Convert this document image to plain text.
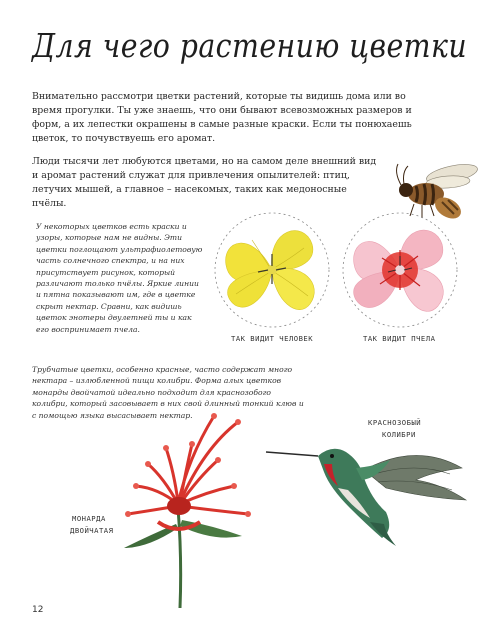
Для чего растению цветки
Внимательно рассмотри цветки растений, которые ты видишь дома или во время прогулки. Ты уже знаешь, что они бывают всевозможных размеров и форм, а их лепестки окрашены в самые разные краски. Если ты понюхаешь цветок, то почувствуешь его аромат.
Люди тысячи лет любуются цветами, но на самом деле внешний вид и аромат растений служат для привлечения опылителей: птиц, летучих мышей, а главное – насекомых, таких как медоносные пчёлы.
У некоторых цветков есть краски и узоры, которые нам не видны. Эти цветки поглощают ультрафиолетовую часть солнечного спектра, и на них присутствует рисунок, который различают только пчёлы. Яркие линии и пятна показывают им, где в цветке скрыт нектар. Сравни, как видишь цветок энотеры двулетней ты и как его воспринимает пчела.
ТАК ВИДИТ ЧЕЛОВЕК	ТАК ВИДИТ ПЧЕЛА
Трубчатые цветки, особенно красные, часто содержат много нектара – излюбленной пищи колибри. Форма алых цветков монарды двойчатой идеально подходит для краснозобого колибри, который засовывает в них свой длинный тонкий клюв и с помощью языка высасывает нектар.
КРАСНОЗОБЫЙ
КОЛИБРИ
МОНАРДА
ДВОЙЧАТАЯ
12
